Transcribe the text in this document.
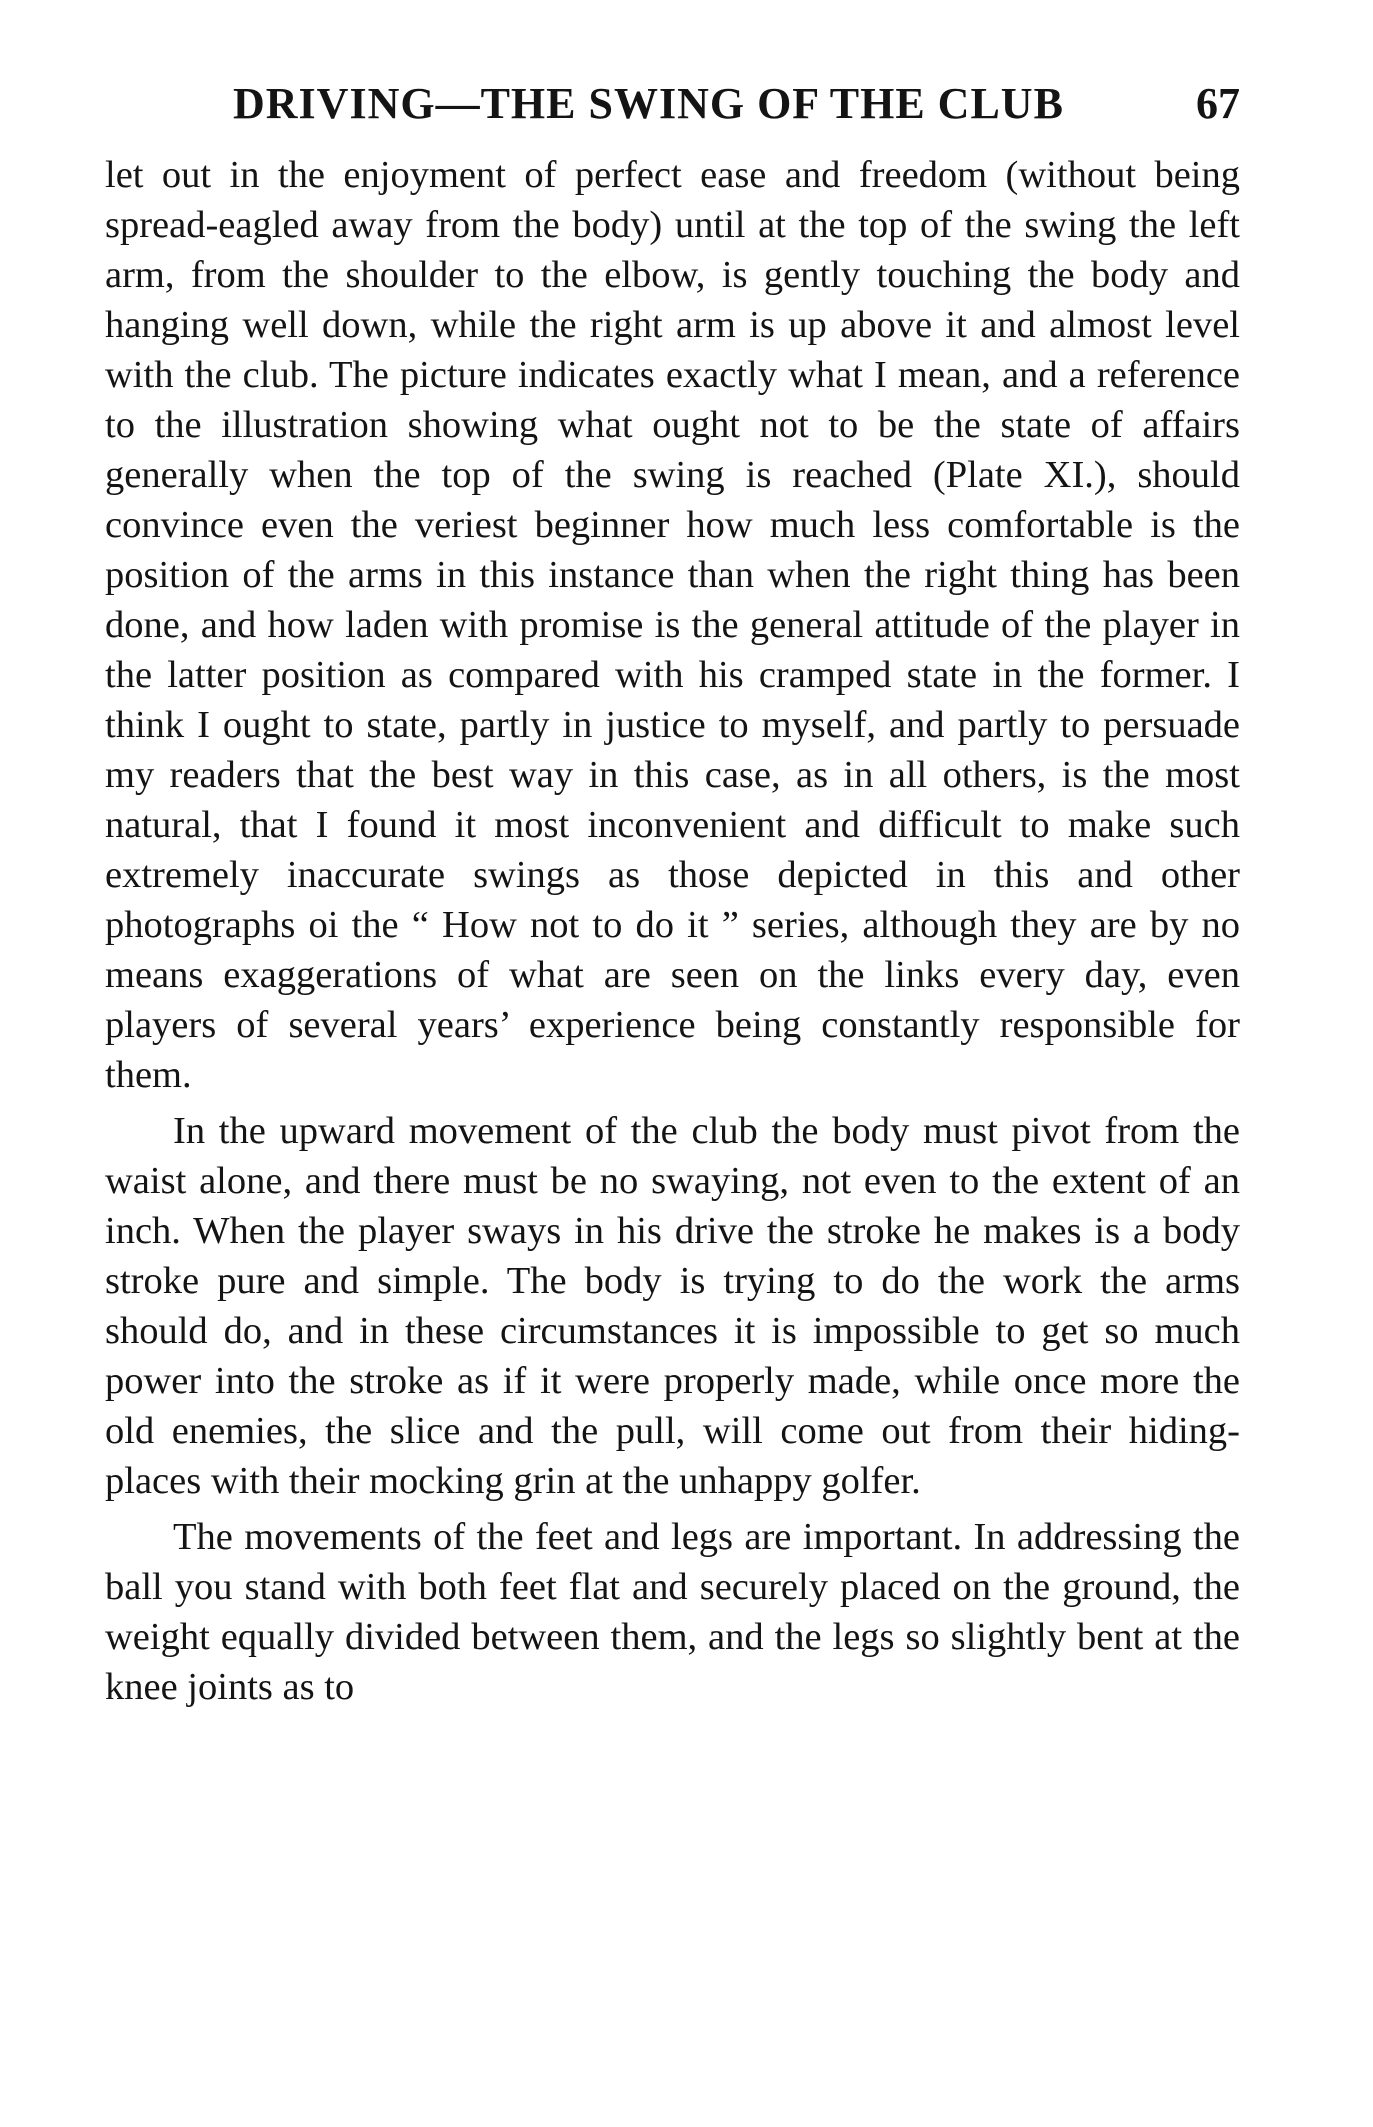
DRIVING—THE SWING OF THE CLUB	67

let out in the enjoyment of perfect ease and freedom (without being spread-eagled away from the body) until at the top of the swing the left arm, from the shoulder to the elbow, is gently touching the body and hanging well down, while the right arm is up above it and almost level with the club. The picture indicates exactly what I mean, and a reference to the illustration showing what ought not to be the state of affairs generally when the top of the swing is reached (Plate XI.), should convince even the veriest beginner how much less comfortable is the position of the arms in this instance than when the right thing has been done, and how laden with promise is the general attitude of the player in the latter position as compared with his cramped state in the former. I think I ought to state, partly in justice to myself, and partly to persuade my readers that the best way in this case, as in all others, is the most natural, that I found it most inconvenient and difficult to make such extremely inaccurate swings as those depicted in this and other photographs oi the “ How not to do it ” series, although they are by no means exaggerations of what are seen on the links every day, even players of several years’ experience being constantly responsible for them.

In the upward movement of the club the body must pivot from the waist alone, and there must be no swaying, not even to the extent of an inch. When the player sways in his drive the stroke he makes is a body stroke pure and simple. The body is trying to do the work the arms should do, and in these circumstances it is impossible to get so much power into the stroke as if it were properly made, while once more the old enemies, the slice and the pull, will come out from their hiding-places with their mocking grin at the unhappy golfer.

The movements of the feet and legs are important. In addressing the ball you stand with both feet flat and securely placed on the ground, the weight equally divided between them, and the legs so slightly bent at the knee joints as to
